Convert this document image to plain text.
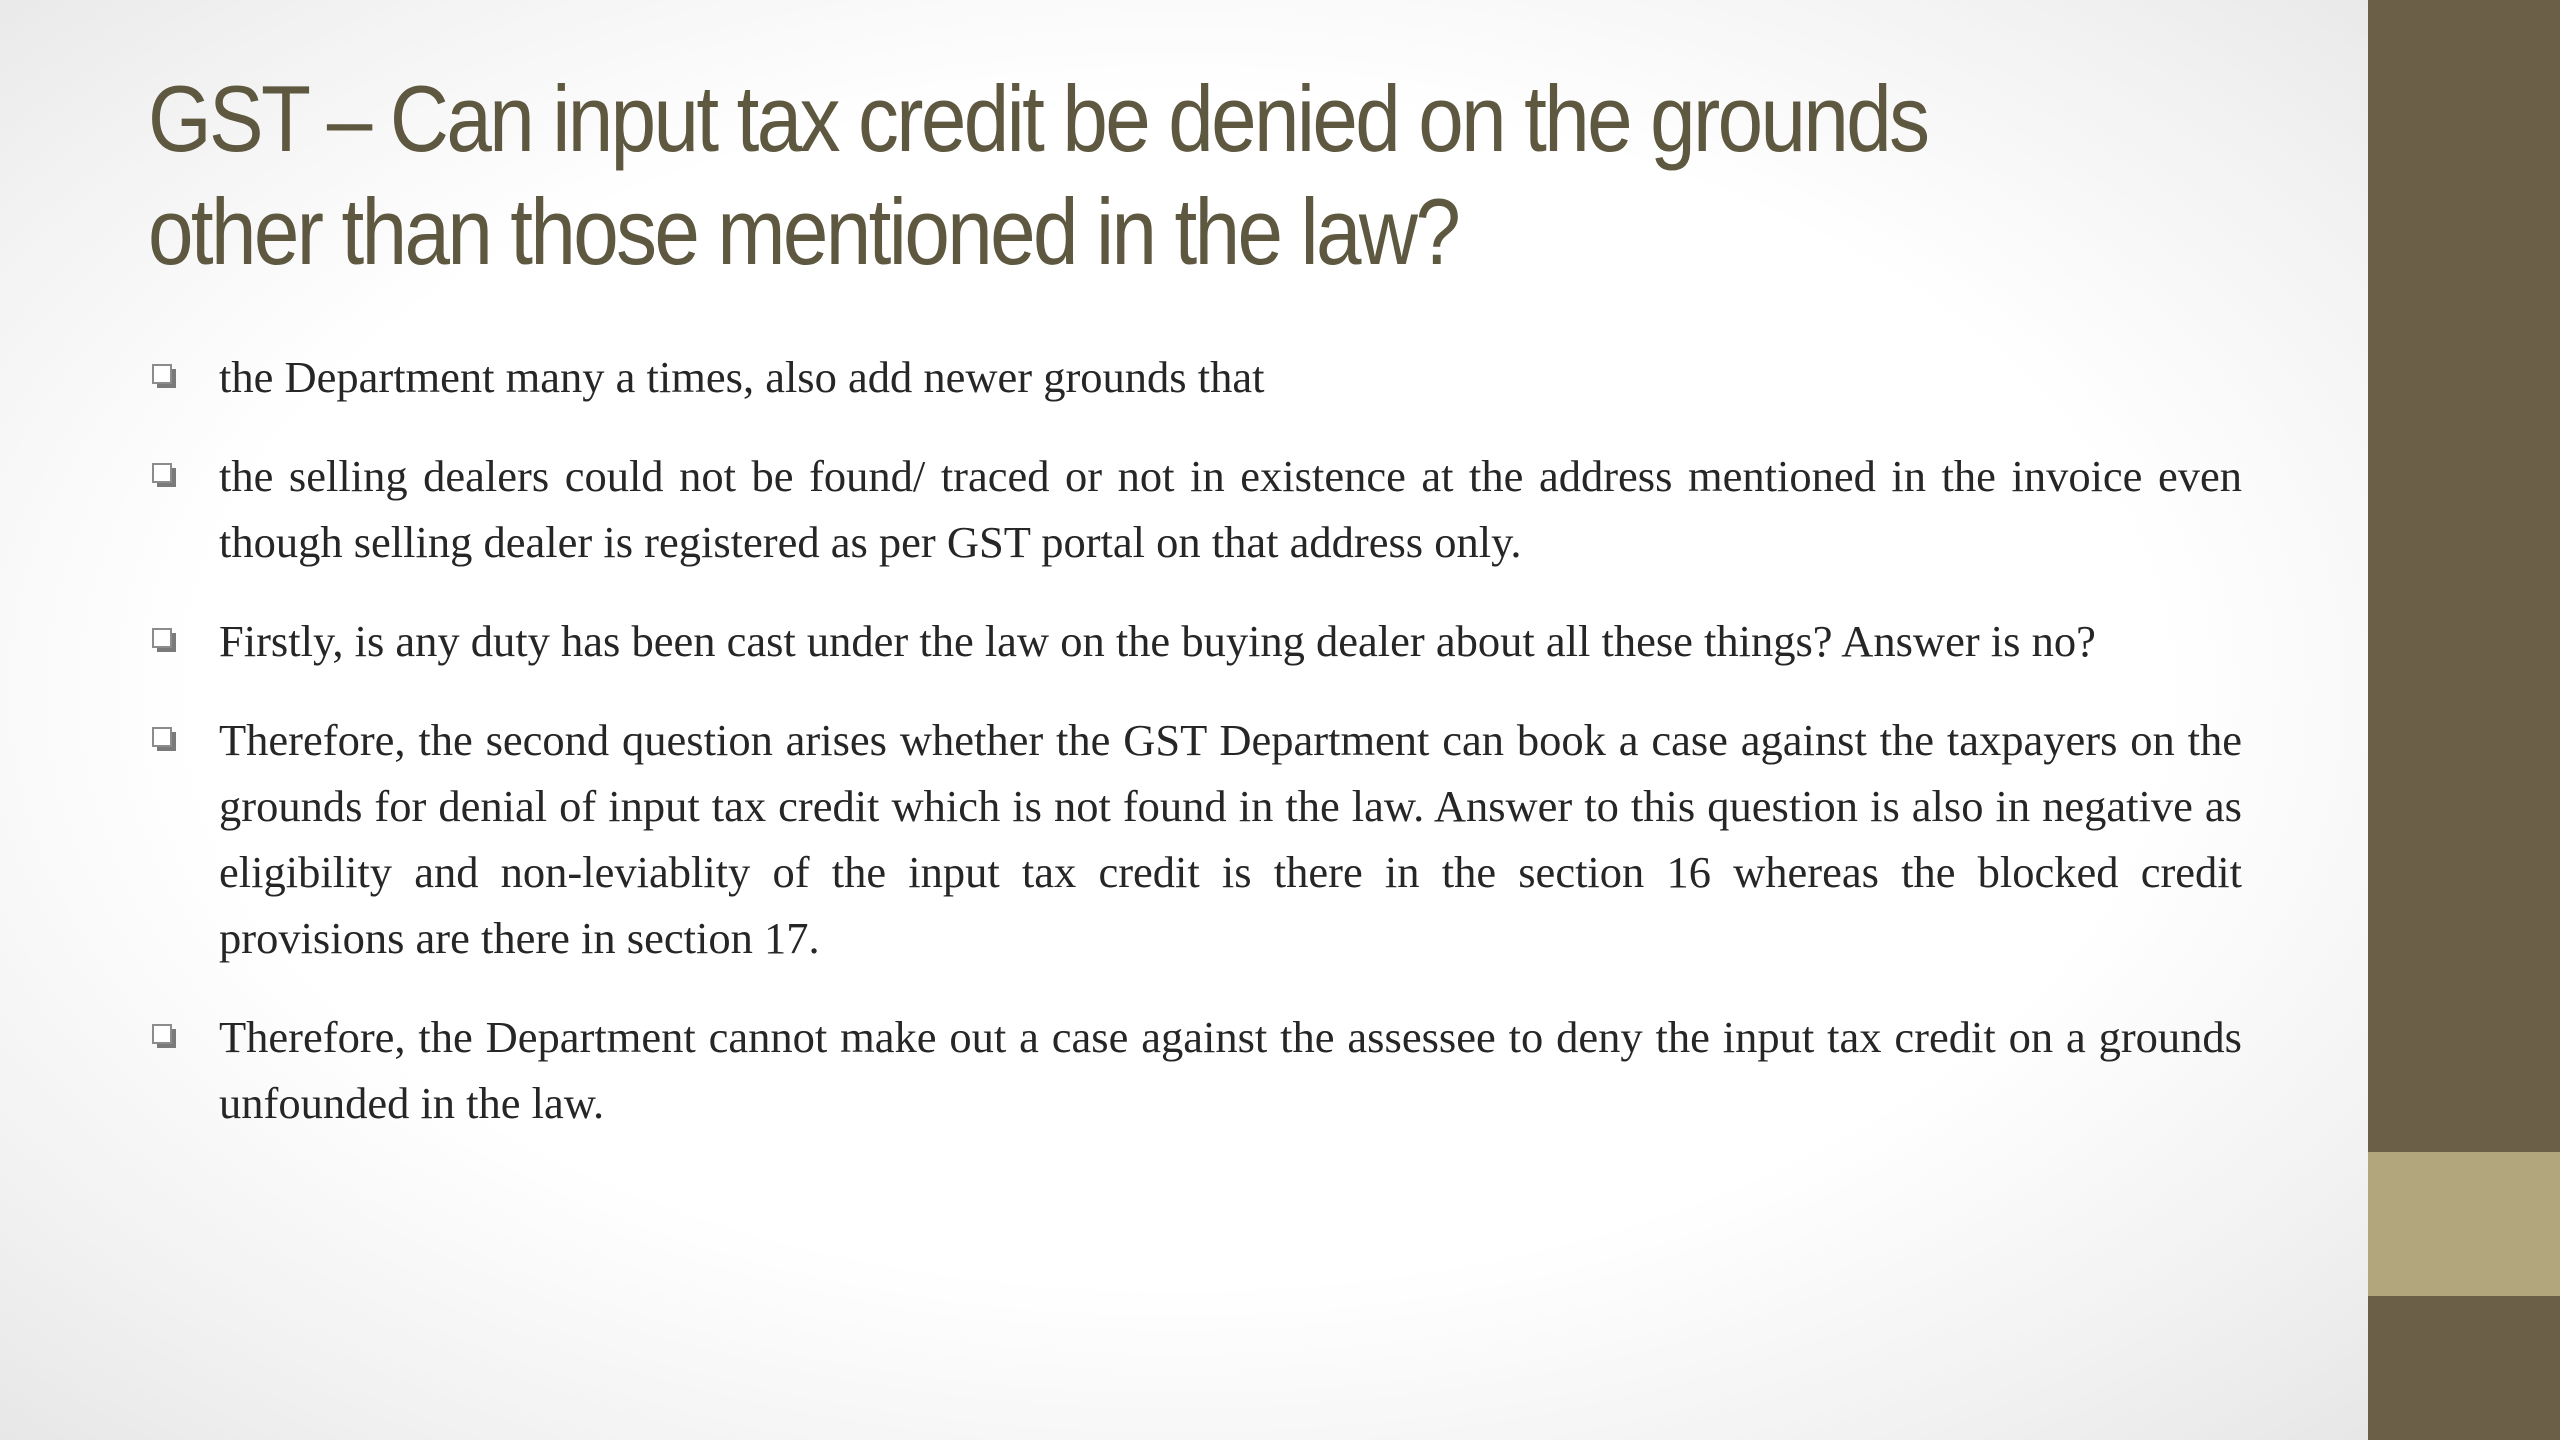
GST – Can input tax credit be denied on the grounds other than those mentioned in the law?
the Department many a times, also add newer grounds that
the selling dealers could not be found/ traced or not in existence at the address mentioned in the invoice even though selling dealer is registered as per GST portal on that address only.
Firstly, is any duty has been cast under the law on the buying dealer about all these things? Answer is no?
Therefore, the second question arises whether the GST Department can book a case against the taxpayers on the grounds for denial of input tax credit which is not found in the law. Answer to this question is also in negative as eligibility and non-leviablity of the input tax credit is there in the section 16 whereas the blocked credit provisions are there in section 17.
Therefore, the Department cannot make out a case against the assessee to deny the input tax credit on a grounds unfounded in the law.
